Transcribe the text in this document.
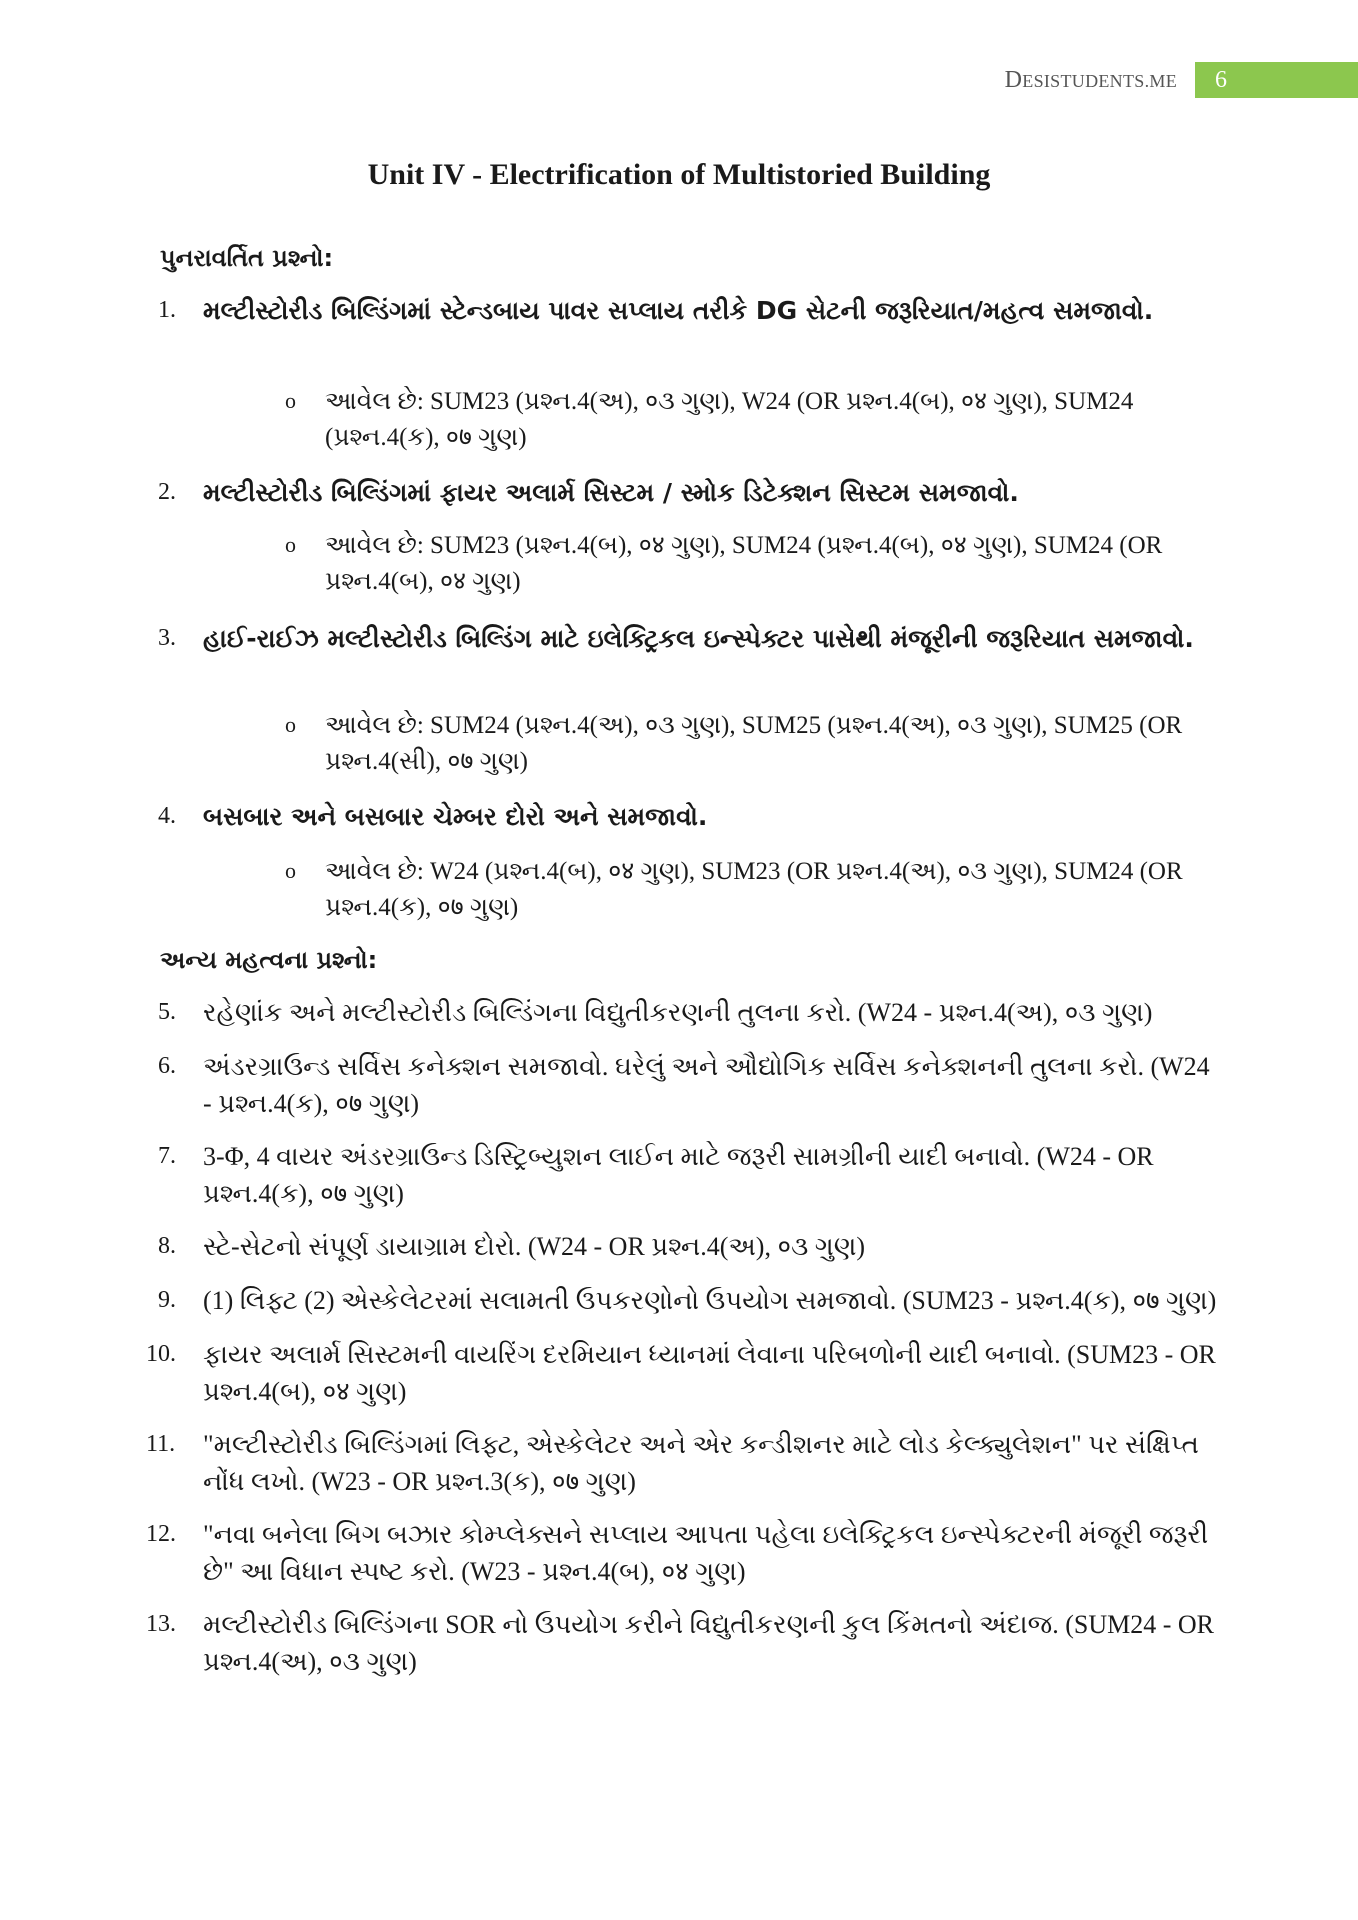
DESISTUDENTS.ME	6
Unit IV - Electrification of Multistoried Building
પુનરાવર્તિત પ્રશ્નો:
1. મલ્ટીસ્ટોરીડ બિલ્ડિંગમાં સ્ટેન્ડબાય પાવર સપ્લાય તરીકે DG સેટની જરૂરિયાત/મહત્વ સમજાવો.
o આવેલ છે: SUM23 (પ્રશ્ન.4(અ), ०૩ ગુણ), W24 (OR પ્રશ્ન.4(બ), ०४ ગુણ), SUM24 (પ્રશ્ન.4(ક), ०७ ગુણ)
2. મલ્ટીસ્ટોરીડ બિલ્ડિંગમાં ફાયર અલાર્મ સિસ્ટમ / સ્મોક ડિટેક્શન સિસ્ટમ સમજાવો.
o આવેલ છે: SUM23 (પ્રશ્ન.4(બ), ०४ ગુણ), SUM24 (પ્રશ્ન.4(બ), ०४ ગુણ), SUM24 (OR પ્રશ્ન.4(બ), ०४ ગુણ)
3. હાઈ-રાઈઝ મલ્ટીસ્ટોરીડ બિલ્ડિંગ માટે ઇલેક્ટ્રિકલ ઇન્સ્પેક્ટર પાસેથી મંજૂરીની જરૂરિયાત સમજાવો.
o આવેલ છે: SUM24 (પ્રશ્ન.4(અ), ०૩ ગુણ), SUM25 (પ્રશ્ન.4(અ), ०૩ ગુણ), SUM25 (OR પ્રશ્ન.4(સી), ०७ ગુણ)
4. બસબાર અને બસબાર ચેમ્બર દોરો અને સમજાવો.
o આવેલ છે: W24 (પ્રશ્ન.4(બ), ०४ ગુણ), SUM23 (OR પ્રશ્ન.4(અ), ०૩ ગુણ), SUM24 (OR પ્રશ્ન.4(ક), ०७ ગુણ)
અન્ય મહત્વના પ્રશ્નો:
5. રહેણાંક અને મલ્ટીસ્ટોરીડ બિલ્ડિંગના વિદ્યુતીકરણની તુલના કરો. (W24 - પ્રશ્ન.4(અ), ०૩ ગુણ)
6. અંડરગ્રાઉન્ડ સર્વિસ કનેક્શન સમજાવો. ઘરેલું અને ઔદ્યોગિક સર્વિસ કનેક્શનની તુલના કરો. (W24 - પ્રશ્ન.4(ક), ०७ ગુણ)
7. 3-Φ, 4 વાયર અંડરગ્રાઉન્ડ ડિસ્ટ્રિબ્યુશન લાઈન માટે જરૂરી સામગ્રીની યાદી બનાવો. (W24 - OR પ્રશ્ન.4(ક), ०७ ગુણ)
8. સ્ટે-સેટનો સંપૂર્ણ ડાયાગ્રામ દોરો. (W24 - OR પ્રશ્ન.4(અ), ०૩ ગુણ)
9. (1) લિફ્ટ (2) એસ્કેલેટરમાં સલામતી ઉપકરણોનો ઉપયોગ સમજાવો. (SUM23 - પ્રશ્ન.4(ક), ०७ ગુણ)
10. ફાયર અલાર્મ સિસ્ટમની વાયરિંગ દરમિયાન ધ્યાનમાં લેવાના પરિબળોની યાદી બનાવો. (SUM23 - OR પ્રશ્ન.4(બ), ०४ ગુણ)
11. "મલ્ટીસ્ટોરીડ બિલ્ડિંગમાં લિફ્ટ, એસ્કેલેટર અને એર કન્ડીશનર માટે લોડ કેલ્ક્યુલેશન" પર સંક્ષિપ્ત નોંધ લખો. (W23 - OR પ્રશ્ન.3(ક), ०७ ગુણ)
12. "નવા બનેલા બિગ બઝાર કોમ્પ્લેક્સને સપ્લાય આપતા પહેલા ઇલેક્ટ્રિકલ ઇન્સ્પેક્ટરની મંજૂરી જરૂરી છે" આ વિધાન સ્પષ્ટ કરો. (W23 - પ્રશ્ન.4(બ), ०४ ગુણ)
13. મલ્ટીસ્ટોરીડ બિલ્ડિંગના SOR નો ઉપયોગ કરીને વિદ્યુતીકરણની કુલ કિંમતનો અંદાજ. (SUM24 - OR પ્રશ્ન.4(અ), ०૩ ગુણ)
